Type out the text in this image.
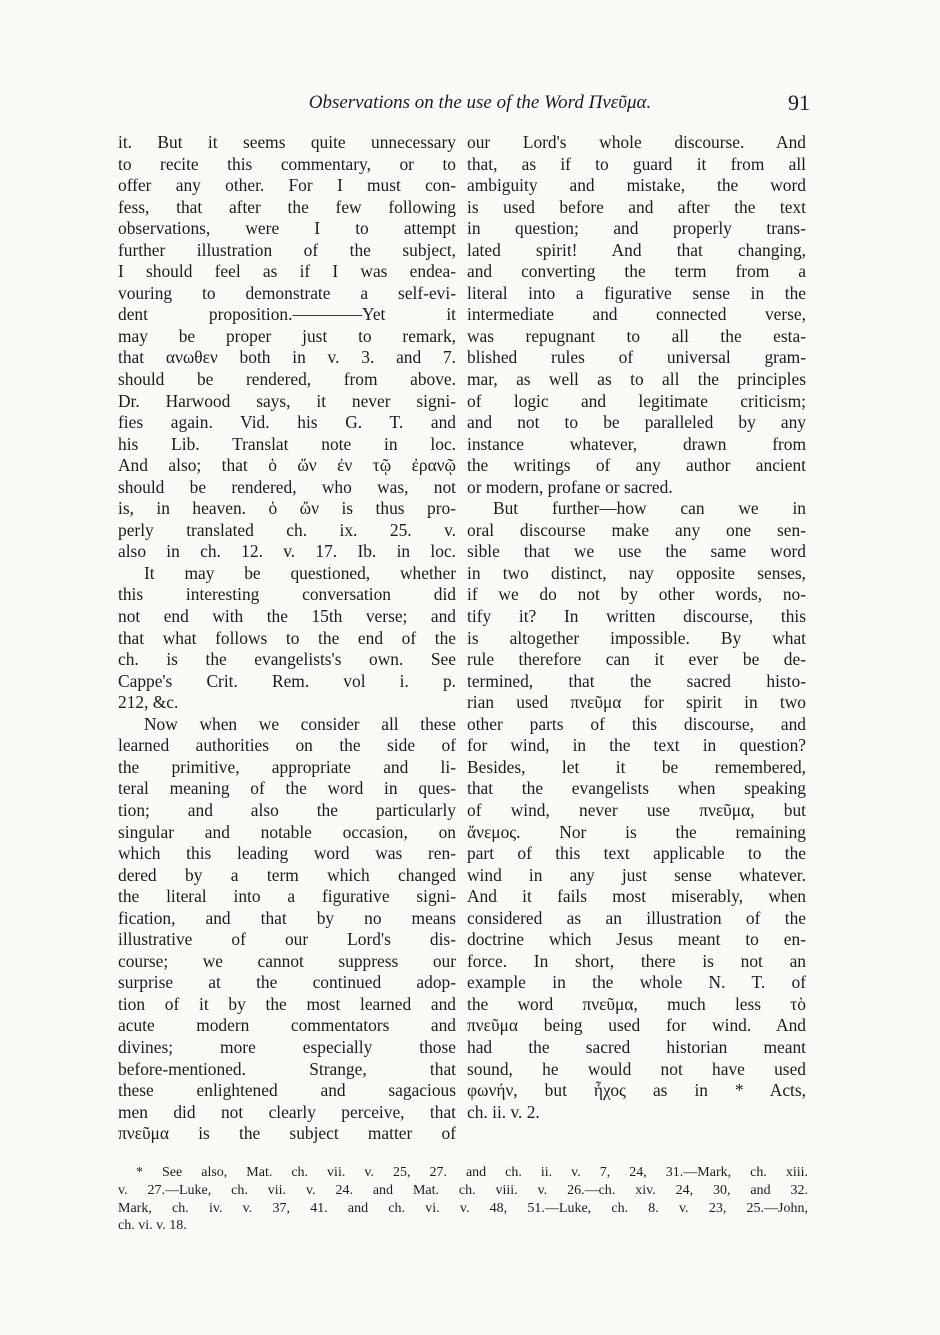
Observations on the use of the Word Πνεῦμα.	91
it. But it seems quite unnecessary
to recite this commentary, or to
offer any other. For I must con-
fess, that after the few following
observations, were I to attempt
further illustration of the subject,
I should feel as if I was endea-
vouring to demonstrate a self-evi-
dent proposition.————Yet it
may be proper just to remark,
that ανωθεν both in v. 3. and 7.
should be rendered, from above.
Dr. Harwood says, it never signi-
fies again. Vid. his G. T. and
his Lib. Translat note in loc.
And also; that ὁ ὤν ἐν τῷ ἐρανῷ
should be rendered, who was, not
is, in heaven. ὁ ὤν is thus pro-
perly translated ch. ix. 25. v.
also in ch. 12. v. 17. Ib. in loc.
It may be questioned, whether
this interesting conversation did
not end with the 15th verse; and
that what follows to the end of the
ch. is the evangelists's own. See
Cappe's Crit. Rem. vol i. p.
212, &c.
Now when we consider all these
learned authorities on the side of
the primitive, appropriate and li-
teral meaning of the word in ques-
tion; and also the particularly
singular and notable occasion, on
which this leading word was ren-
dered by a term which changed
the literal into a figurative signi-
fication, and that by no means
illustrative of our Lord's dis-
course; we cannot suppress our
surprise at the continued adop-
tion of it by the most learned and
acute modern commentators and
divines; more especially those
before-mentioned. Strange, that
these enlightened and sagacious
men did not clearly perceive, that
πνεῦμα is the subject matter of
our Lord's whole discourse. And
that, as if to guard it from all
ambiguity and mistake, the word
is used before and after the text
in question; and properly trans-
lated spirit! And that changing,
and converting the term from a
literal into a figurative sense in the
intermediate and connected verse,
was repugnant to all the esta-
blished rules of universal gram-
mar, as well as to all the principles
of logic and legitimate criticism;
and not to be paralleled by any
instance whatever, drawn from
the writings of any author ancient
or modern, profane or sacred.
But further—how can we in
oral discourse make any one sen-
sible that we use the same word
in two distinct, nay opposite senses,
if we do not by other words, no-
tify it? In written discourse, this
is altogether impossible. By what
rule therefore can it ever be de-
termined, that the sacred histo-
rian used πνεῦμα for spirit in two
other parts of this discourse, and
for wind, in the text in question?
Besides, let it be remembered,
that the evangelists when speaking
of wind, never use πνεῦμα, but
ἄνεμος. Nor is the remaining
part of this text applicable to the
wind in any just sense whatever.
And it fails most miserably, when
considered as an illustration of the
doctrine which Jesus meant to en-
force. In short, there is not an
example in the whole N. T. of
the word πνεῦμα, much less τὸ
πνεῦμα being used for wind. And
had the sacred historian meant
sound, he would not have used
φωνήν, but ἦχος as in * Acts,
ch. ii. v. 2.
* See also, Mat. ch. vii. v. 25, 27. and ch. ii. v. 7, 24, 31.—Mark, ch. xiii.
v. 27.—Luke, ch. vii. v. 24. and Mat. ch. viii. v. 26.—ch. xiv. 24, 30, and 32.
Mark, ch. iv. v. 37, 41. and ch. vi. v. 48, 51.—Luke, ch. 8. v. 23, 25.—John,
ch. vi. v. 18.
